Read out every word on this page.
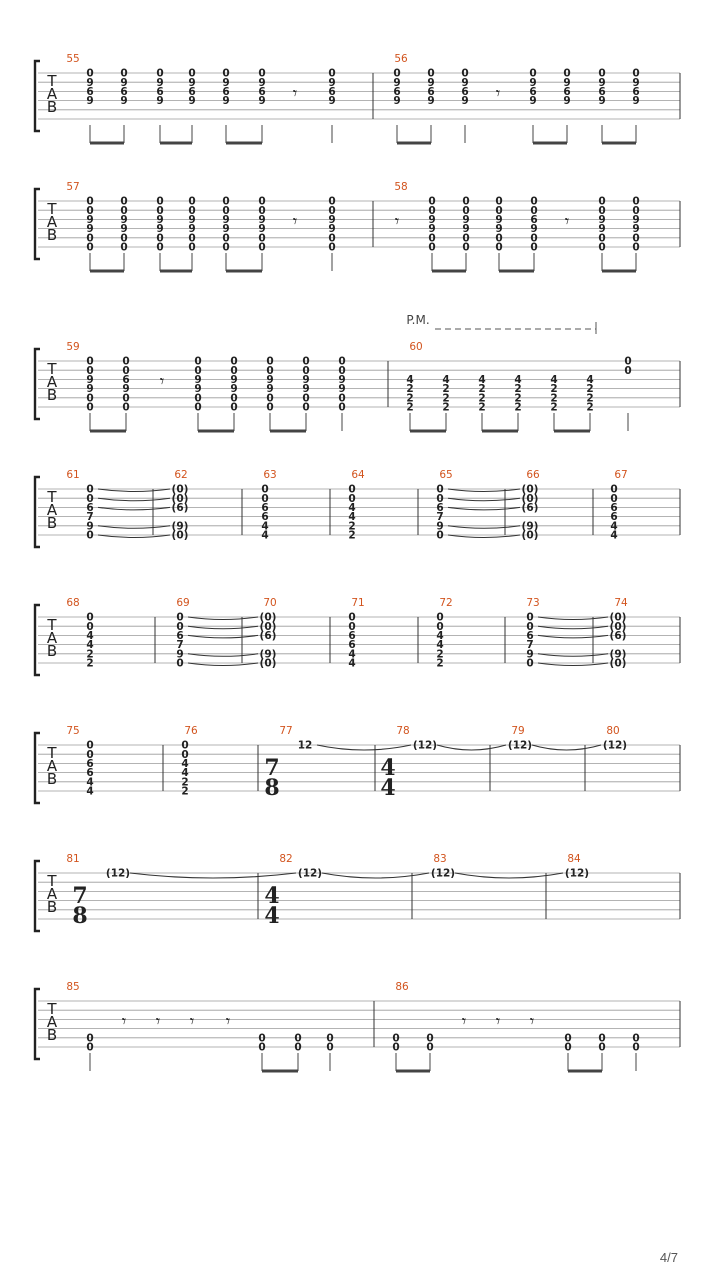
T
A
B
55
0
9
6
9
0
9
6
9
0
9
6
9
0
9
6
9
0
9
6
9
0
9
6
9 𝄾
0
9
6
9
56
0
9
6
9
0
9
6
9
0
9
6
9 𝄾
0
9
6
9
0
9
6
9
0
9
6
9
0
9
6
9
T
A
B
57
0
0
9
9
0
0
0
0
9
9
0
0
0
0
9
9
0
0
0
0
9
9
0
0
0
0
9
9
0
0
0
0
9
9
0
0
𝄾
0
0
9
9
0
0
58
𝄾
0
0
9
9
0
0
0
0
9
9
0
0
0
0
9
9
0
0
0
0
6
9
0
0
𝄾
0
0
9
9
0
0
0
0
9
9
0
0
T
A
B
59
0
0
9
9
0
0
0
0
6
9
0
0
𝄾
0
0
9
9
0
0
0
0
9
9
0
0
0
0
9
9
0
0
0
0
9
9
0
0
0
0
9
9
0
0
60
4
2
2
2
4
2
2
2
4
2
2
2
4
2
2
2
4
2
2
2
4
2
2
2
0
0
T
A
B
61
0
0
6
7
9
0
62
(0)
(0)
(6)
(9)
(0)
63
0
0
6
6
4
4
64
0
0
4
4
2
2
65
0
0
6
7
9
0
66
(0)
(0)
(6)
(9)
(0)
67
0
0
6
6
4
4
T
A
B
68
0
0
4
4
2
2
69
0
0
6
7
9
0
70
(0)
(0)
(6)
(9)
(0)
71
0
0
6
6
4
4
72
0
0
4
4
2
2
73
0
0
6
7
9
0
74
(0)
(0)
(6)
(9)
(0)
T
A
B
75
0
0
6
6
4
4
76
0
0
4
4
2
2
77
12
78
(12)
79
(12)
80
(12)
T
A
B
81
(12)
82
(12)
83
(12)
84
(12)
T
A
B
85
0
0
𝄾 𝄾 𝄾 𝄾
0
0
0
0
0
0
86
0
0
0
0
𝄾 𝄾 𝄾
0
0
0
0
0
0
7
8
4
4
7
8
4
4
P.M.
4/7
